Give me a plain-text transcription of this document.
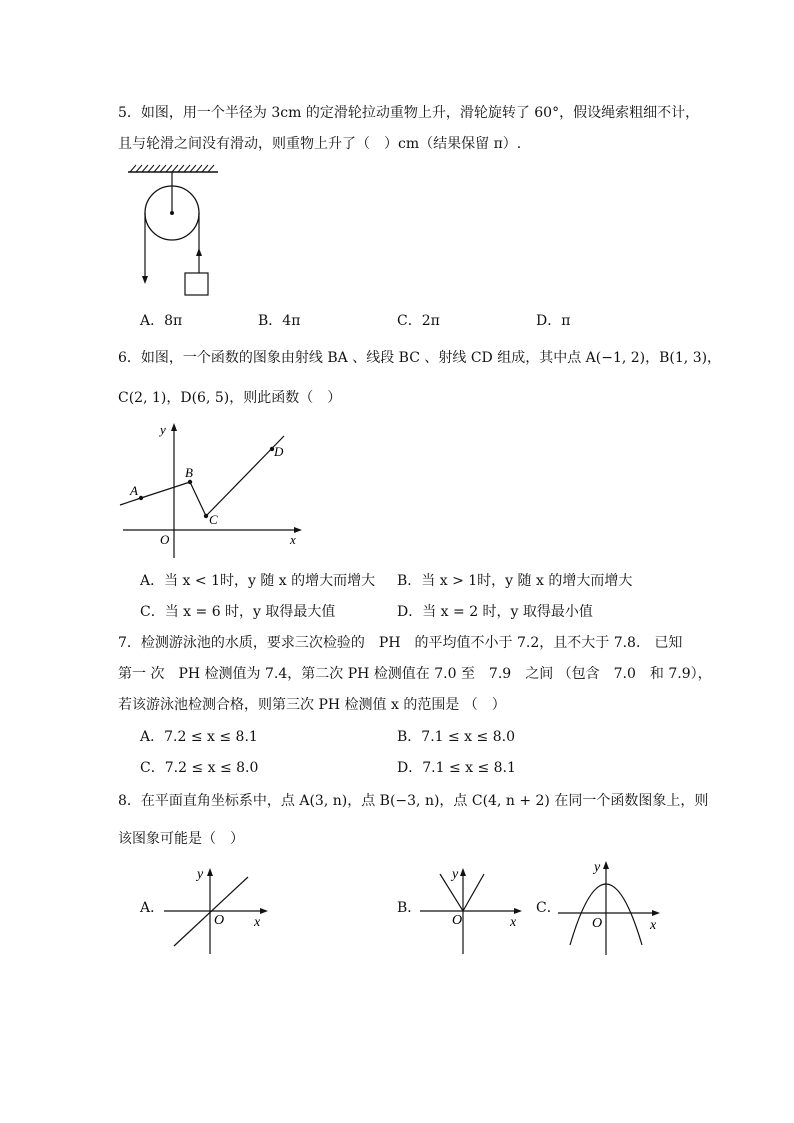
5．如图，用一个半径为 3cm 的定滑轮拉动重物上升，滑轮旋转了 60°，假设绳索粗细不计，
且与轮滑之间没有滑动，则重物上升了（　）cm（结果保留 π）.
A．8π	B．4π	C．2π	D．π
6．如图，一个函数的图象由射线 BA 、线段 BC 、射线 CD 组成，其中点 A(−1, 2)，B(1, 3)，
C(2, 1)，D(6, 5)，则此函数（　）
y
x
O
A
B
C
D
A．当 x < 1时，y 随 x 的增大而增大 B．当 x > 1时，y 随 x 的增大而增大
C．当 x = 6 时，y 取得最大值	D．当 x = 2 时，y 取得最小值
7．检测游泳池的水质，要求三次检验的　PH　的平均值不小于 7.2，且不大于 7.8． 已知
第一 次　PH 检测值为 7.4，第二次 PH 检测值在 7.0 至　7.9　之间 （包含　7.0　和 7.9），
若该游泳池检测合格，则第三次 PH 检测值 x 的范围是 （　）
A．7.2 ≤ x ≤ 8.1	B．7.1 ≤ x ≤ 8.0
C．7.2 ≤ x ≤ 8.0	D．7.1 ≤ x ≤ 8.1
8．在平面直角坐标系中，点 A(3, n)，点 B(−3, n)，点 C(4, n + 2) 在同一个函数图象上，则
该图象可能是（　）
A．
y
x
O
B．
y
x
O
C．
y
x
O
